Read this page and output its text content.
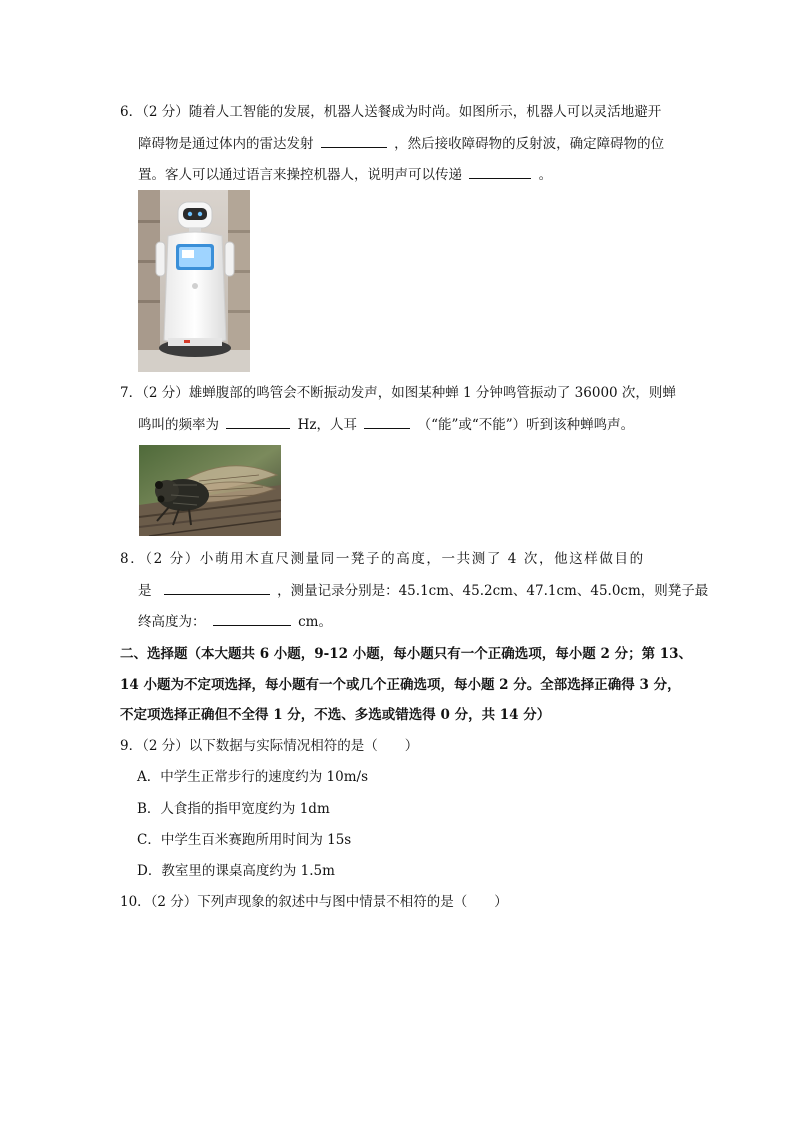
6．（2 分）随着人工智能的发展，机器人送餐成为时尚。如图所示，机器人可以灵活地避开
障碍物是通过体内的雷达发射	，然后接收障碍物的反射波，确定障碍物的位
置。客人可以通过语言来操控机器人，说明声可以传递	。
7．（2 分）雄蝉腹部的鸣管会不断振动发声，如图某种蝉 1 分钟鸣管振动了 36000 次，则蝉
鸣叫的频率为	Hz，人耳	（“能”或“不能”）听到该种蝉鸣声。
8．（2 分）小萌用木直尺测量同一凳子的高度，一共测了 4 次，他这样做目的
是	，测量记录分别是：45.1cm、45.2cm、47.1cm、45.0cm，则凳子最
终高度为：	cm。
二、选择题（本大题共 6 小题，9-12 小题，每小题只有一个正确选项，每小题 2 分；第 13、
14 小题为不定项选择，每小题有一个或几个正确选项，每小题 2 分。全部选择正确得 3 分，
不定项选择正确但不全得 1 分，不选、多选或错选得 0 分，共 14 分）
9．（2 分）以下数据与实际情况相符的是（　　）
A．中学生正常步行的速度约为 10m/s
B．人食指的指甲宽度约为 1dm
C．中学生百米赛跑所用时间为 15s
D．教室里的课桌高度约为 1.5m
10．（2 分）下列声现象的叙述中与图中情景不相符的是（　　）
